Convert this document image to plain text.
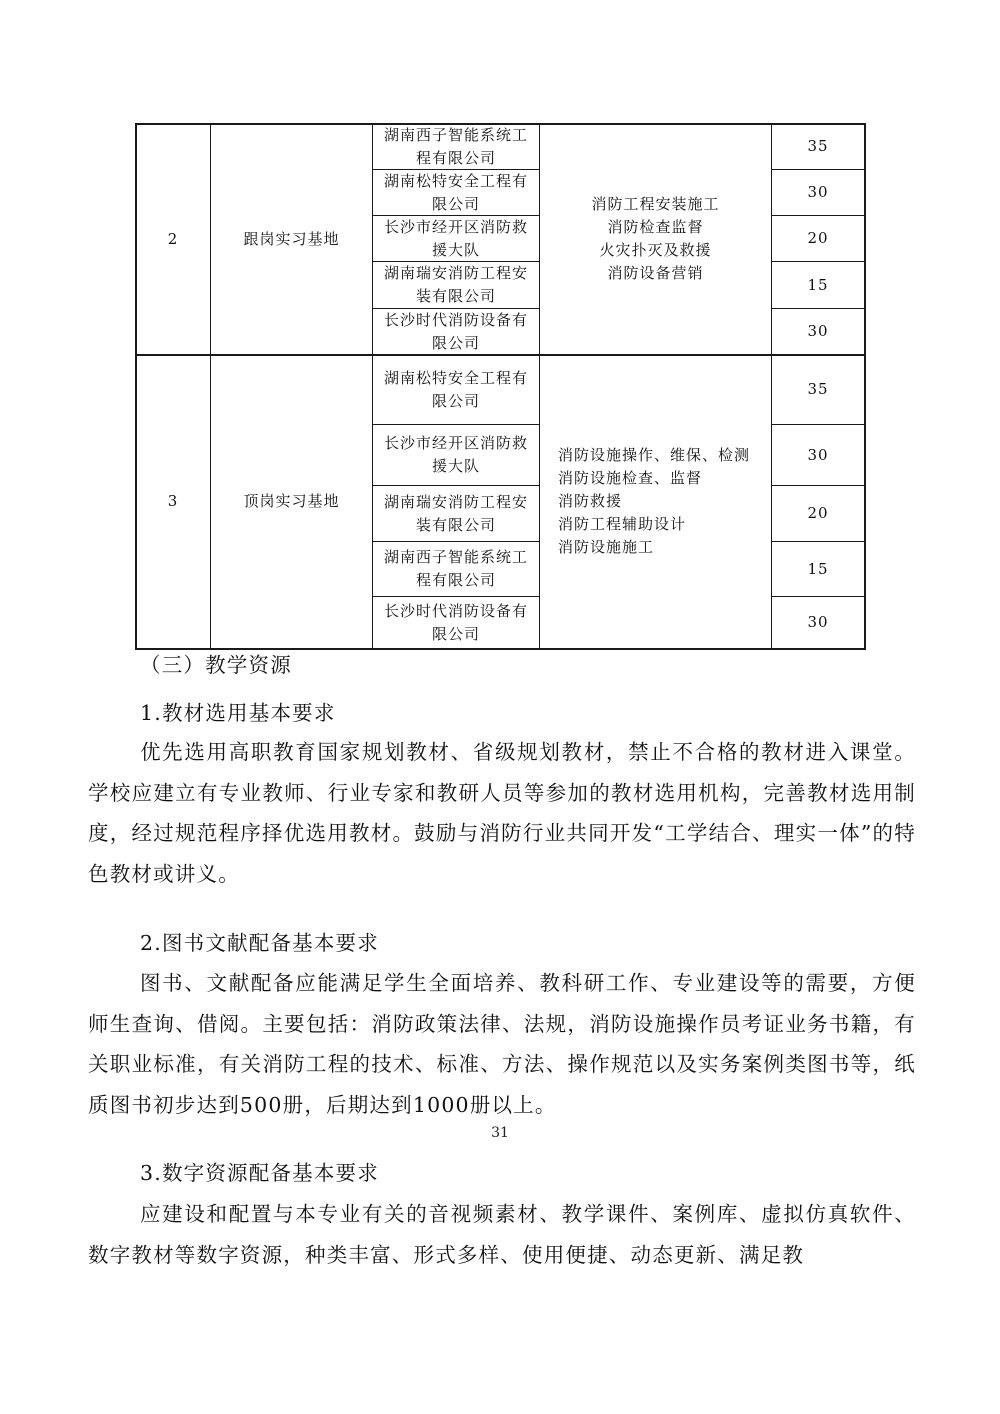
2	跟岗实习基地
湖南西子智能系统工
程有限公司
湖南松特安全工程有
限公司
长沙市经开区消防救
援大队
湖南瑞安消防工程安
装有限公司
长沙时代消防设备有
限公司
消防工程安装施工
消防检查监督
火灾扑灭及救援
消防设备营销
35
30
20
15
30
3	顶岗实习基地
湖南松特安全工程有
限公司
长沙市经开区消防救
援大队
湖南瑞安消防工程安
装有限公司
湖南西子智能系统工
程有限公司
长沙时代消防设备有
限公司
消防设施操作、维保、检测
消防设施检查、监督
消防救援
消防工程辅助设计
消防设施施工
35
30
20
15
30
（三）教学资源
1.教材选用基本要求

优先选用高职教育国家规划教材、省级规划教材，禁止不合格的教材进入课堂。学校应建立有专业教师、行业专家和教研人员等参加的教材选用机构，完善教材选用制度，经过规范程序择优选用教材。鼓励与消防行业共同开发“工学结合、理实一体”的特色教材或讲义。

2.图书文献配备基本要求

图书、文献配备应能满足学生全面培养、教科研工作、专业建设等的需要，方便师生查询、借阅。主要包括：消防政策法律、法规，消防设施操作员考证业务书籍，有关职业标准，有关消防工程的技术、标准、方法、操作规范以及实务案例类图书等，纸质图书初步达到500册，后期达到1000册以上。

3.数字资源配备基本要求

应建设和配置与本专业有关的音视频素材、教学课件、案例库、虚拟仿真软件、数字教材等数字资源，种类丰富、形式多样、使用便捷、动态更新、满足教

31
